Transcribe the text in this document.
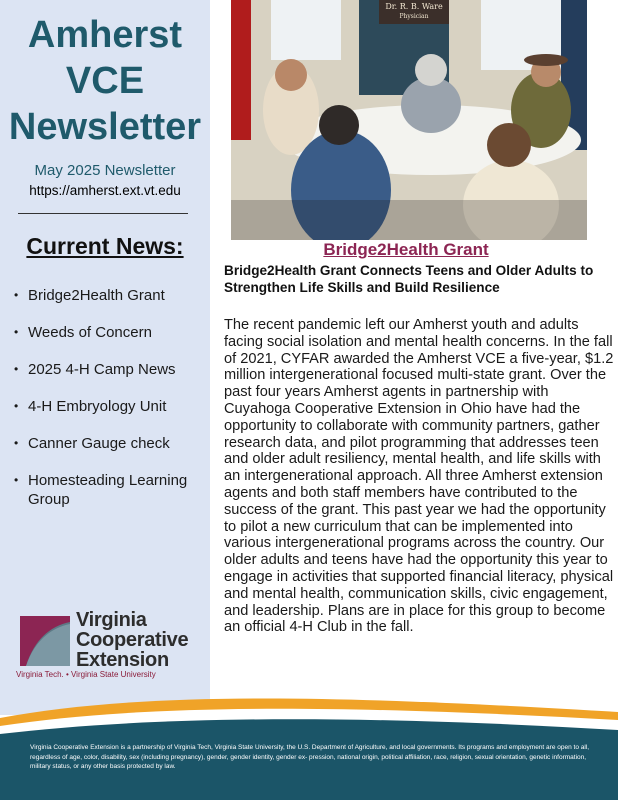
Amherst
VCE
Newsletter
May 2025 Newsletter
https://amherst.ext.vt.edu
Current News:
• Bridge2Health Grant
• Weeds of Concern
• 2025 4-H Camp News
• 4-H Embryology Unit
• Canner Gauge check
• Homesteading Learning Group
Virginia
Cooperative
Extension
Virginia Tech. • Virginia State University
Dr. R. B. Ware
Physician
Bridge2Health Grant
Bridge2Health Grant Connects Teens and Older Adults to Strengthen Life Skills and Build Resilience
The recent pandemic left our Amherst youth and adults facing social isolation and mental health concerns. In the fall of 2021, CYFAR awarded the Amherst VCE a five-year, $1.2 million intergenerational focused multi-state grant. Over the past four years Amherst agents in partnership with Cuyahoga Cooperative Extension in Ohio have had the opportunity to collaborate with community partners, gather research data, and pilot programming that addresses teen and older adult resiliency, mental health, and life skills with an intergenerational approach. All three Amherst extension agents and both staff members have contributed to the success of the grant. This past year we had the opportunity to pilot a new curriculum that can be implemented into various intergenerational programs across the country. Our older adults and teens have had the opportunity this year to engage in activities that supported financial literacy, physical and mental health, communication skills, civic engagement, and leadership. Plans are in place for this group to become an official 4-H Club in the fall.
Virginia Cooperative Extension is a partnership of Virginia Tech, Virginia State University, the U.S. Department of Agriculture, and local governments. Its programs and employment are open to all, regardless of age, color, disability, sex (including pregnancy), gender, gender identity, gender ex- pression, national origin, political affiliation, race, religion, sexual orientation, genetic information, military status, or any other basis protected by law.
